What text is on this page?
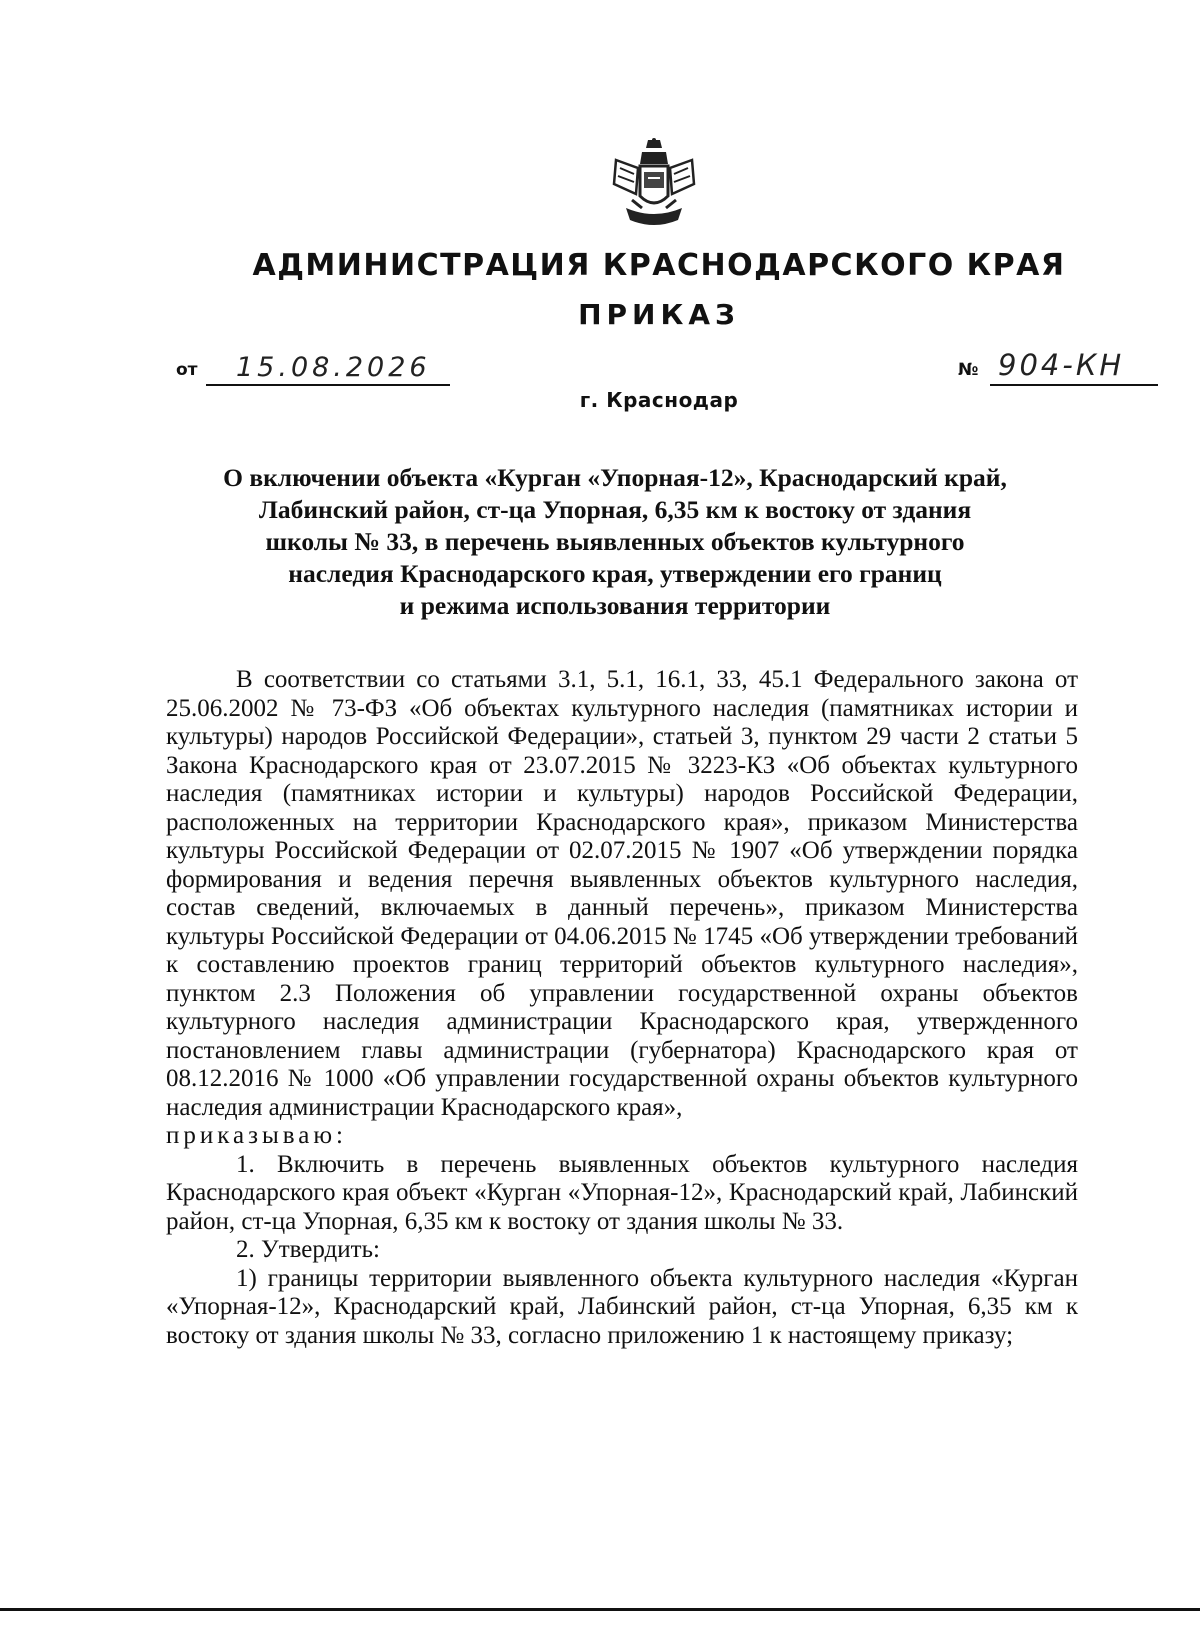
АДМИНИСТРАЦИЯ КРАСНОДАРСКОГО КРАЯ
ПРИКАЗ
от	15.08.2026	№ 904-КН
г. Краснодар
О включении объекта «Курган «Упорная-12», Краснодарский край,
Лабинский район, ст-ца Упорная, 6,35 км к востоку от здания
школы № 33, в перечень выявленных объектов культурного
наследия Краснодарского края, утверждении его границ
и режима использования территории

В соответствии со статьями 3.1, 5.1, 16.1, 33, 45.1 Федерального закона от 25.06.2002 № 73-ФЗ «Об объектах культурного наследия (памятниках истории и культуры) народов Российской Федерации», статьей 3, пунктом 29 части 2 статьи 5 Закона Краснодарского края от 23.07.2015 № 3223-КЗ «Об объектах культурного наследия (памятниках истории и культуры) народов Российской Федерации, расположенных на территории Краснодарского края», приказом Министерства культуры Российской Федерации от 02.07.2015 № 1907 «Об утверждении порядка формирования и ведения перечня выявленных объектов культурного наследия, состав сведений, включаемых в данный перечень», приказом Министерства культуры Российской Федерации от 04.06.2015 № 1745 «Об утверждении требований к составлению проектов границ территорий объектов культурного наследия», пунктом 2.3 Положения об управлении государственной охраны объектов культурного наследия администрации Краснодарского края, утвержденного постановлением главы администрации (губернатора) Краснодарского края от 08.12.2016 № 1000 «Об управлении государственной охраны объектов культурного наследия администрации Краснодарского края»,

приказываю:

1. Включить в перечень выявленных объектов культурного наследия Краснодарского края объект «Курган «Упорная-12», Краснодарский край, Лабинский район, ст-ца Упорная, 6,35 км к востоку от здания школы № 33.

2. Утвердить:

1) границы территории выявленного объекта культурного наследия «Курган «Упорная-12», Краснодарский край, Лабинский район, ст-ца Упорная, 6,35 км к востоку от здания школы № 33, согласно приложению 1 к настоящему приказу;
